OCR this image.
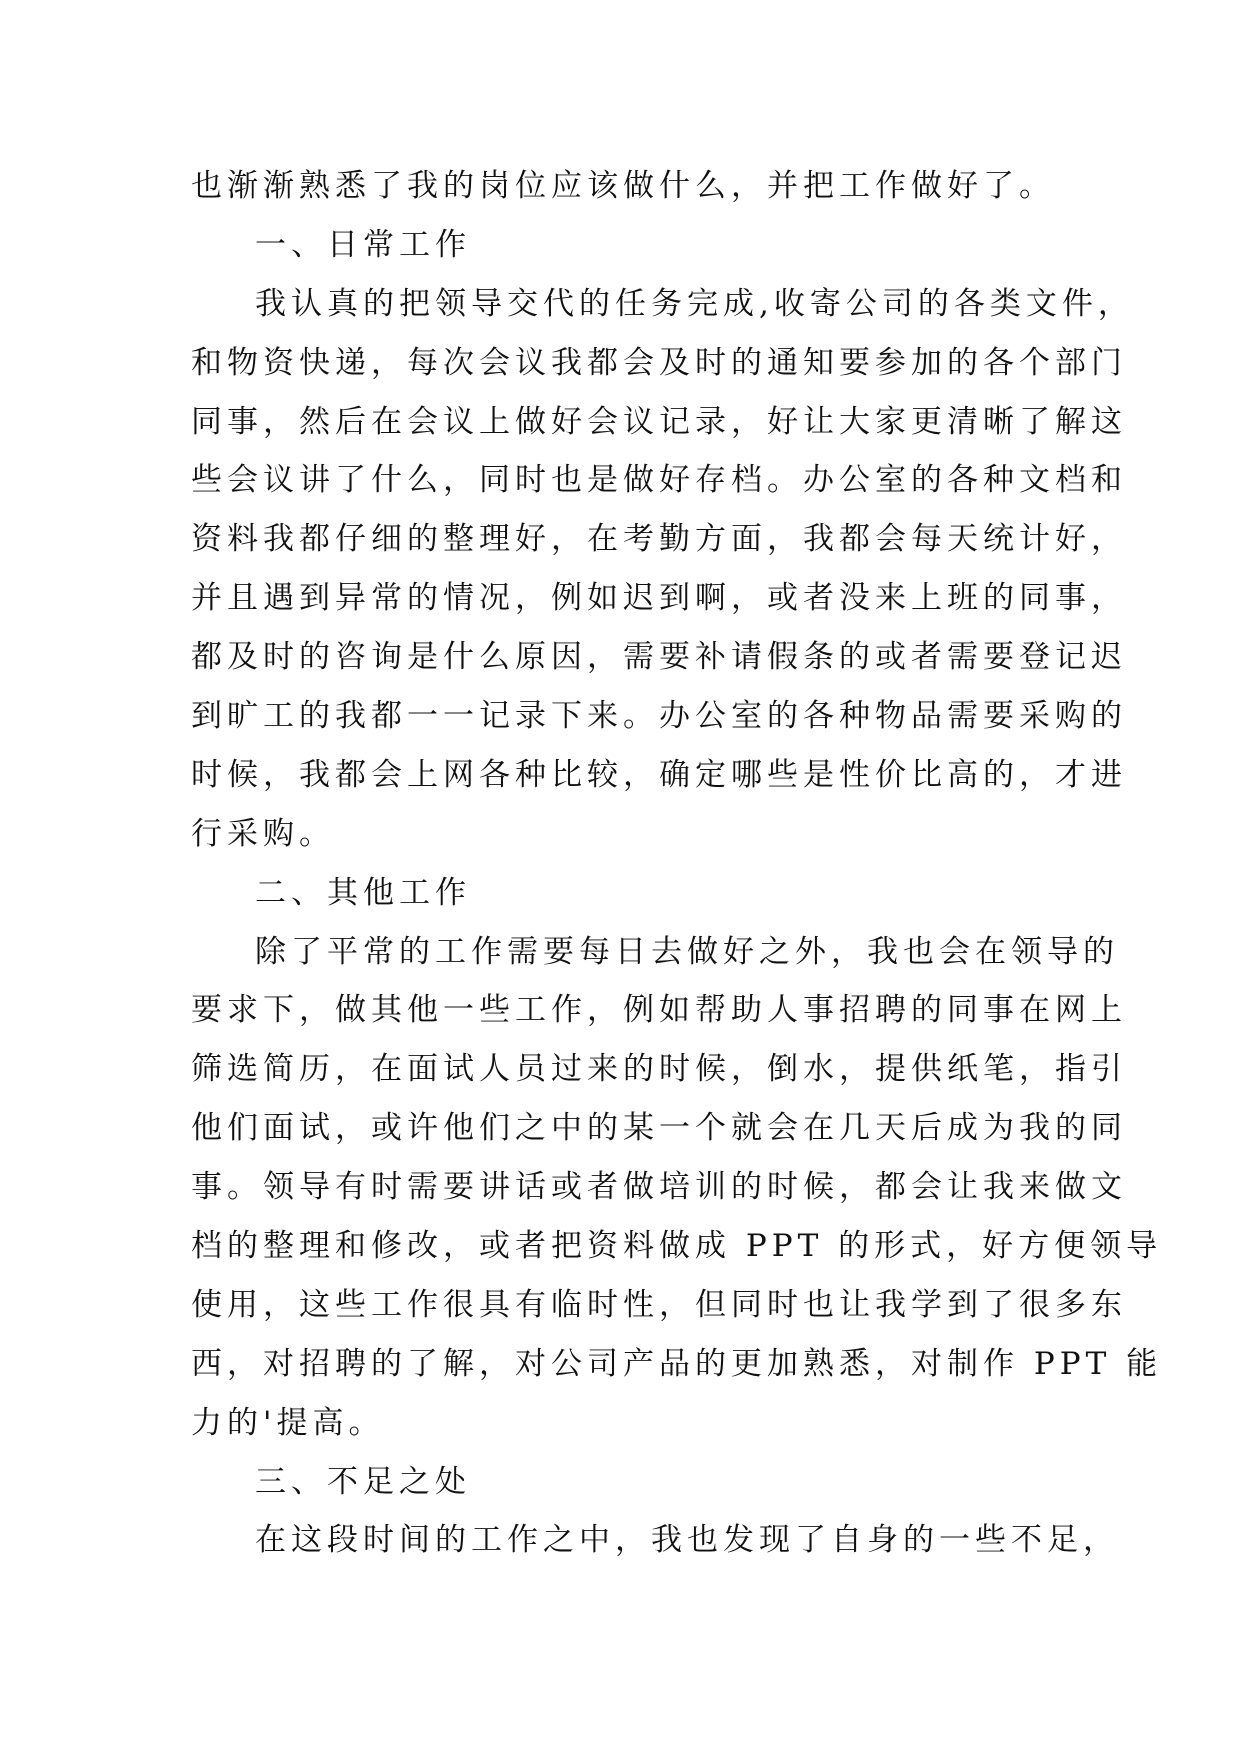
也渐渐熟悉了我的岗位应该做什么，并把工作做好了。
一、日常工作
我认真的把领导交代的任务完成,收寄公司的各类文件，
和物资快递，每次会议我都会及时的通知要参加的各个部门
同事，然后在会议上做好会议记录，好让大家更清晰了解这
些会议讲了什么，同时也是做好存档。办公室的各种文档和
资料我都仔细的整理好，在考勤方面，我都会每天统计好，
并且遇到异常的情况，例如迟到啊，或者没来上班的同事，
都及时的咨询是什么原因，需要补请假条的或者需要登记迟
到旷工的我都一一记录下来。办公室的各种物品需要采购的
时候，我都会上网各种比较，确定哪些是性价比高的，才进
行采购。
二、其他工作
除了平常的工作需要每日去做好之外，我也会在领导的
要求下，做其他一些工作，例如帮助人事招聘的同事在网上
筛选简历，在面试人员过来的时候，倒水，提供纸笔，指引
他们面试，或许他们之中的某一个就会在几天后成为我的同
事。领导有时需要讲话或者做培训的时候，都会让我来做文
档的整理和修改，或者把资料做成 PPT 的形式，好方便领导
使用，这些工作很具有临时性，但同时也让我学到了很多东
西，对招聘的了解，对公司产品的更加熟悉，对制作 PPT 能
力的'提高。
三、不足之处
在这段时间的工作之中，我也发现了自身的一些不足，
